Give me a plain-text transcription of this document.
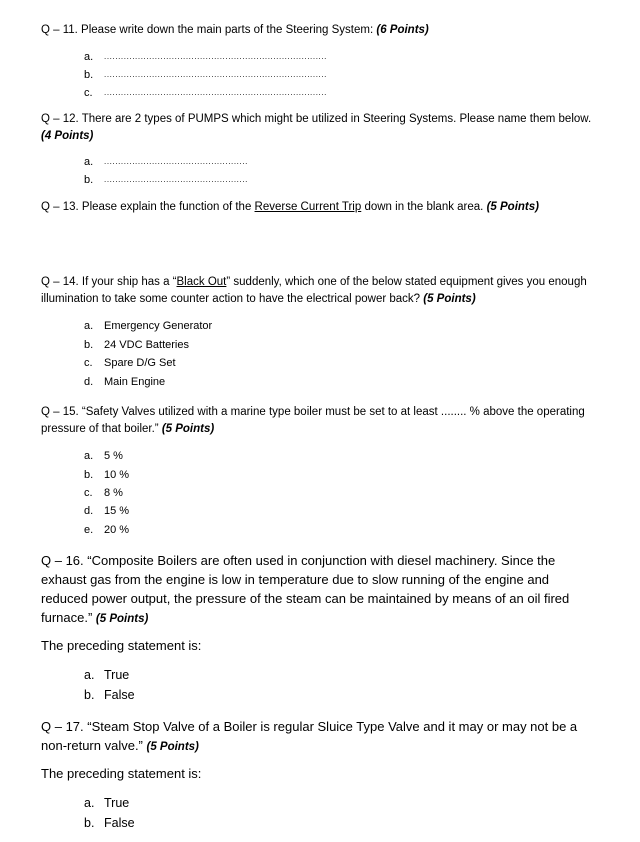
Q – 11. Please write down the main parts of the Steering System: (6 Points)
a. ...............................................................................
b. ...............................................................................
c. ...............................................................................
Q – 12. There are 2 types of PUMPS which might be utilized in Steering Systems. Please name them below. (4 Points)
a. ...................................................
b. ...................................................
Q – 13. Please explain the function of the Reverse Current Trip down in the blank area. (5 Points)
Q – 14. If your ship has a “Black Out” suddenly, which one of the below stated equipment gives you enough illumination to take some counter action to have the electrical power back? (5 Points)
a. Emergency Generator
b. 24 VDC Batteries
c. Spare D/G Set
d. Main Engine
Q – 15. “Safety Valves utilized with a marine type boiler must be set to at least ........ % above the operating pressure of that boiler.” (5 Points)
a. 5 %
b. 10 %
c. 8 %
d. 15 %
e. 20 %
Q – 16. “Composite Boilers are often used in conjunction with diesel machinery. Since the exhaust gas from the engine is low in temperature due to slow running of the engine and reduced power output, the pressure of the steam can be maintained by means of an oil fired furnace.” (5 Points)
The preceding statement is:
a. True
b. False
Q – 17. “Steam Stop Valve of a Boiler is regular Sluice Type Valve and it may or may not be a non-return valve.” (5 Points)
The preceding statement is:
a. True
b. False
